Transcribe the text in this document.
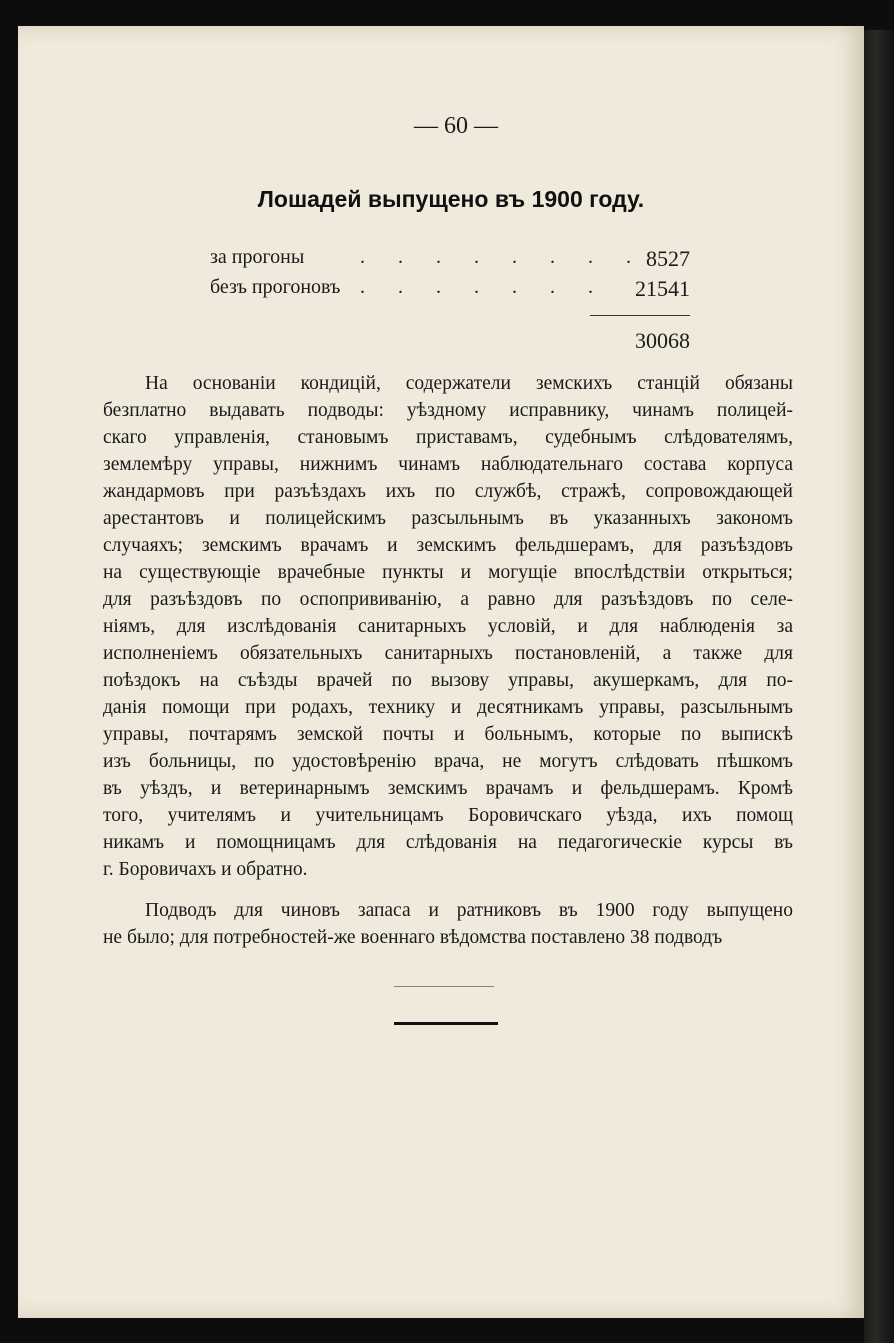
— 60 —
Лошадей выпущено въ 1900 году.
за прогоны	. . . . . . . . 8527
безъ прогоновъ . . . . . . . 21541
30068
На основаніи кондицій, содержатели земскихъ станцій обязаны
безплатно выдавать подводы: уѣздному исправнику, чинамъ полицей-
скаго управленія, становымъ приставамъ, судебнымъ слѣдователямъ,
землемѣру управы, нижнимъ чинамъ наблюдательнаго состава корпуса
жандармовъ при разъѣздахъ ихъ по службѣ, стражѣ, сопровождающей
арестантовъ и полицейскимъ разсыльнымъ въ указанныхъ закономъ
случаяхъ; земскимъ врачамъ и земскимъ фельдшерамъ, для разъѣздовъ
на существующіе врачебные пункты и могущіе впослѣдствіи открыться;
для разъѣздовъ по оспопрививанію, а равно для разъѣздовъ по селе-
ніямъ, для изслѣдованія санитарныхъ условій, и для наблюденія за
исполненіемъ обязательныхъ санитарныхъ постановленій, а также для
поѣздокъ на съѣзды врачей по вызову управы, акушеркамъ, для по-
данія помощи при родахъ, технику и десятникамъ управы, разсыльнымъ
управы, почтарямъ земской почты и больнымъ, которые по выпискѣ
изъ больницы, по удостовѣренію врача, не могутъ слѣдовать пѣшкомъ
въ уѣздъ, и ветеринарнымъ земскимъ врачамъ и фельдшерамъ. Кромѣ
того, учителямъ и учительницамъ Боровичскаго уѣзда, ихъ помощ
никамъ и помощницамъ для слѣдованія на педагогическіе курсы въ
г. Боровичахъ и обратно.
Подводъ для чиновъ запаса и ратниковъ въ 1900 году выпущено
не было; для потребностей-же военнаго вѣдомства поставлено 38 подводъ
